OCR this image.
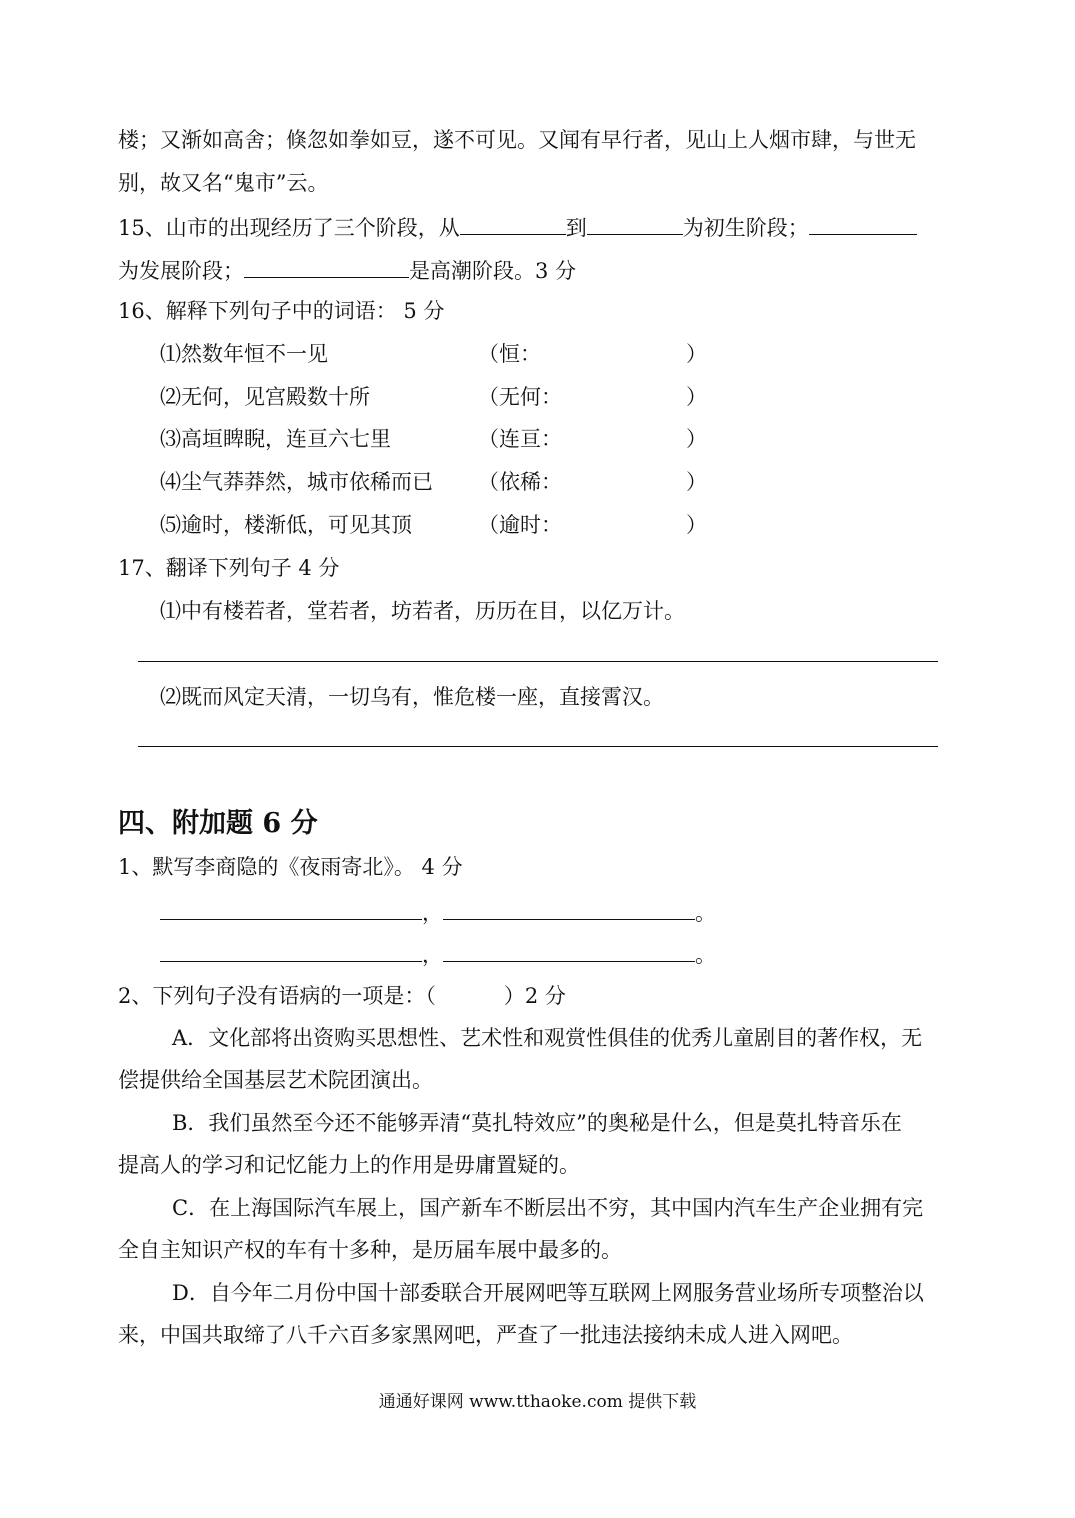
楼；又渐如高舍；倏忽如拳如豆，遂不可见。又闻有早行者，见山上人烟市肆，与世无
别，故又名“鬼市”云。
15、山市的出现经历了三个阶段，从	到	为初生阶段；
为发展阶段；	是高潮阶段。3 分
16、解释下列句子中的词语： 5 分
⑴然数年恒不一见	（恒：	）
⑵无何，见宫殿数十所	（无何：	）
⑶高垣睥睨，连亘六七里	（连亘：	）
⑷尘气莽莽然，城市依稀而已 （依稀：	）
⑸逾时，楼渐低，可见其顶	（逾时：	）
17、翻译下列句子 4 分
⑴中有楼若者，堂若者，坊若者，历历在目，以亿万计。
⑵既而风定天清，一切乌有，惟危楼一座，直接霄汉。
四、附加题 6 分
1、默写李商隐的《夜雨寄北》。 4 分
，	。
，	。
2、下列句子没有语病的一项是：（	）2 分
A．文化部将出资购买思想性、艺术性和观赏性俱佳的优秀儿童剧目的著作权，无
偿提供给全国基层艺术院团演出。
B．我们虽然至今还不能够弄清“莫扎特效应”的奥秘是什么，但是莫扎特音乐在
提高人的学习和记忆能力上的作用是毋庸置疑的。
C．在上海国际汽车展上，国产新车不断层出不穷，其中国内汽车生产企业拥有完
全自主知识产权的车有十多种，是历届车展中最多的。
D．自今年二月份中国十部委联合开展网吧等互联网上网服务营业场所专项整治以
来，中国共取缔了八千六百多家黑网吧，严查了一批违法接纳未成人进入网吧。
通通好课网 www.tthaoke.com 提供下载
